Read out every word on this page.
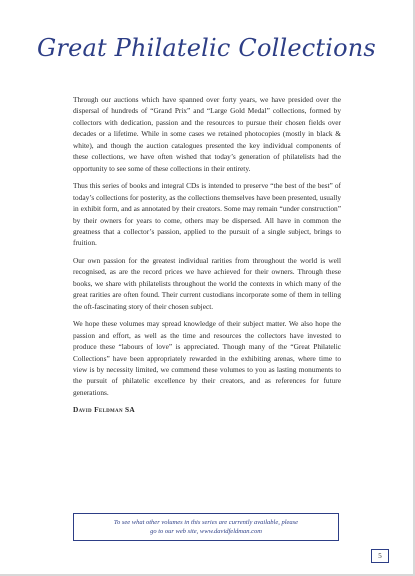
Great Philatelic Collections

Through our auctions which have spanned over forty years, we have presided over the dispersal of hundreds of “Grand Prix” and “Large Gold Medal” collections, formed by collectors with dedication, passion and the resources to pursue their chosen fields over decades or a lifetime. While in some cases we retained photocopies (mostly in black & white), and though the auction catalogues presented the key individual components of these collections, we have often wished that today’s generation of philatelists had the opportunity to see some of these collections in their entirety.

Thus this series of books and integral CDs is intended to preserve “the best of the best” of today’s collections for posterity, as the collections themselves have been presented, usually in exhibit form, and as annotated by their creators. Some may remain “under construction” by their owners for years to come, others may be dispersed. All have in common the greatness that a collector’s passion, applied to the pursuit of a single subject, brings to fruition.

Our own passion for the greatest individual rarities from throughout the world is well recognised, as are the record prices we have achieved for their owners. Through these books, we share with philatelists throughout the world the contexts in which many of the great rarities are often found. Their current custodians incorporate some of them in telling the oft-fascinating story of their chosen subject.

We hope these volumes may spread knowledge of their subject matter. We also hope the passion and effort, as well as the time and resources the collectors have invested to produce these “labours of love” is appreciated. Though many of the “Great Philatelic Collections” have been appropriately rewarded in the exhibiting arenas, where time to view is by necessity limited, we commend these volumes to you as lasting monuments to the pursuit of philatelic excellence by their creators, and as references for future generations.

David Feldman SA
To see what other volumes in this series are currently available, please
go to our web site, www.davidfeldman.com
5
